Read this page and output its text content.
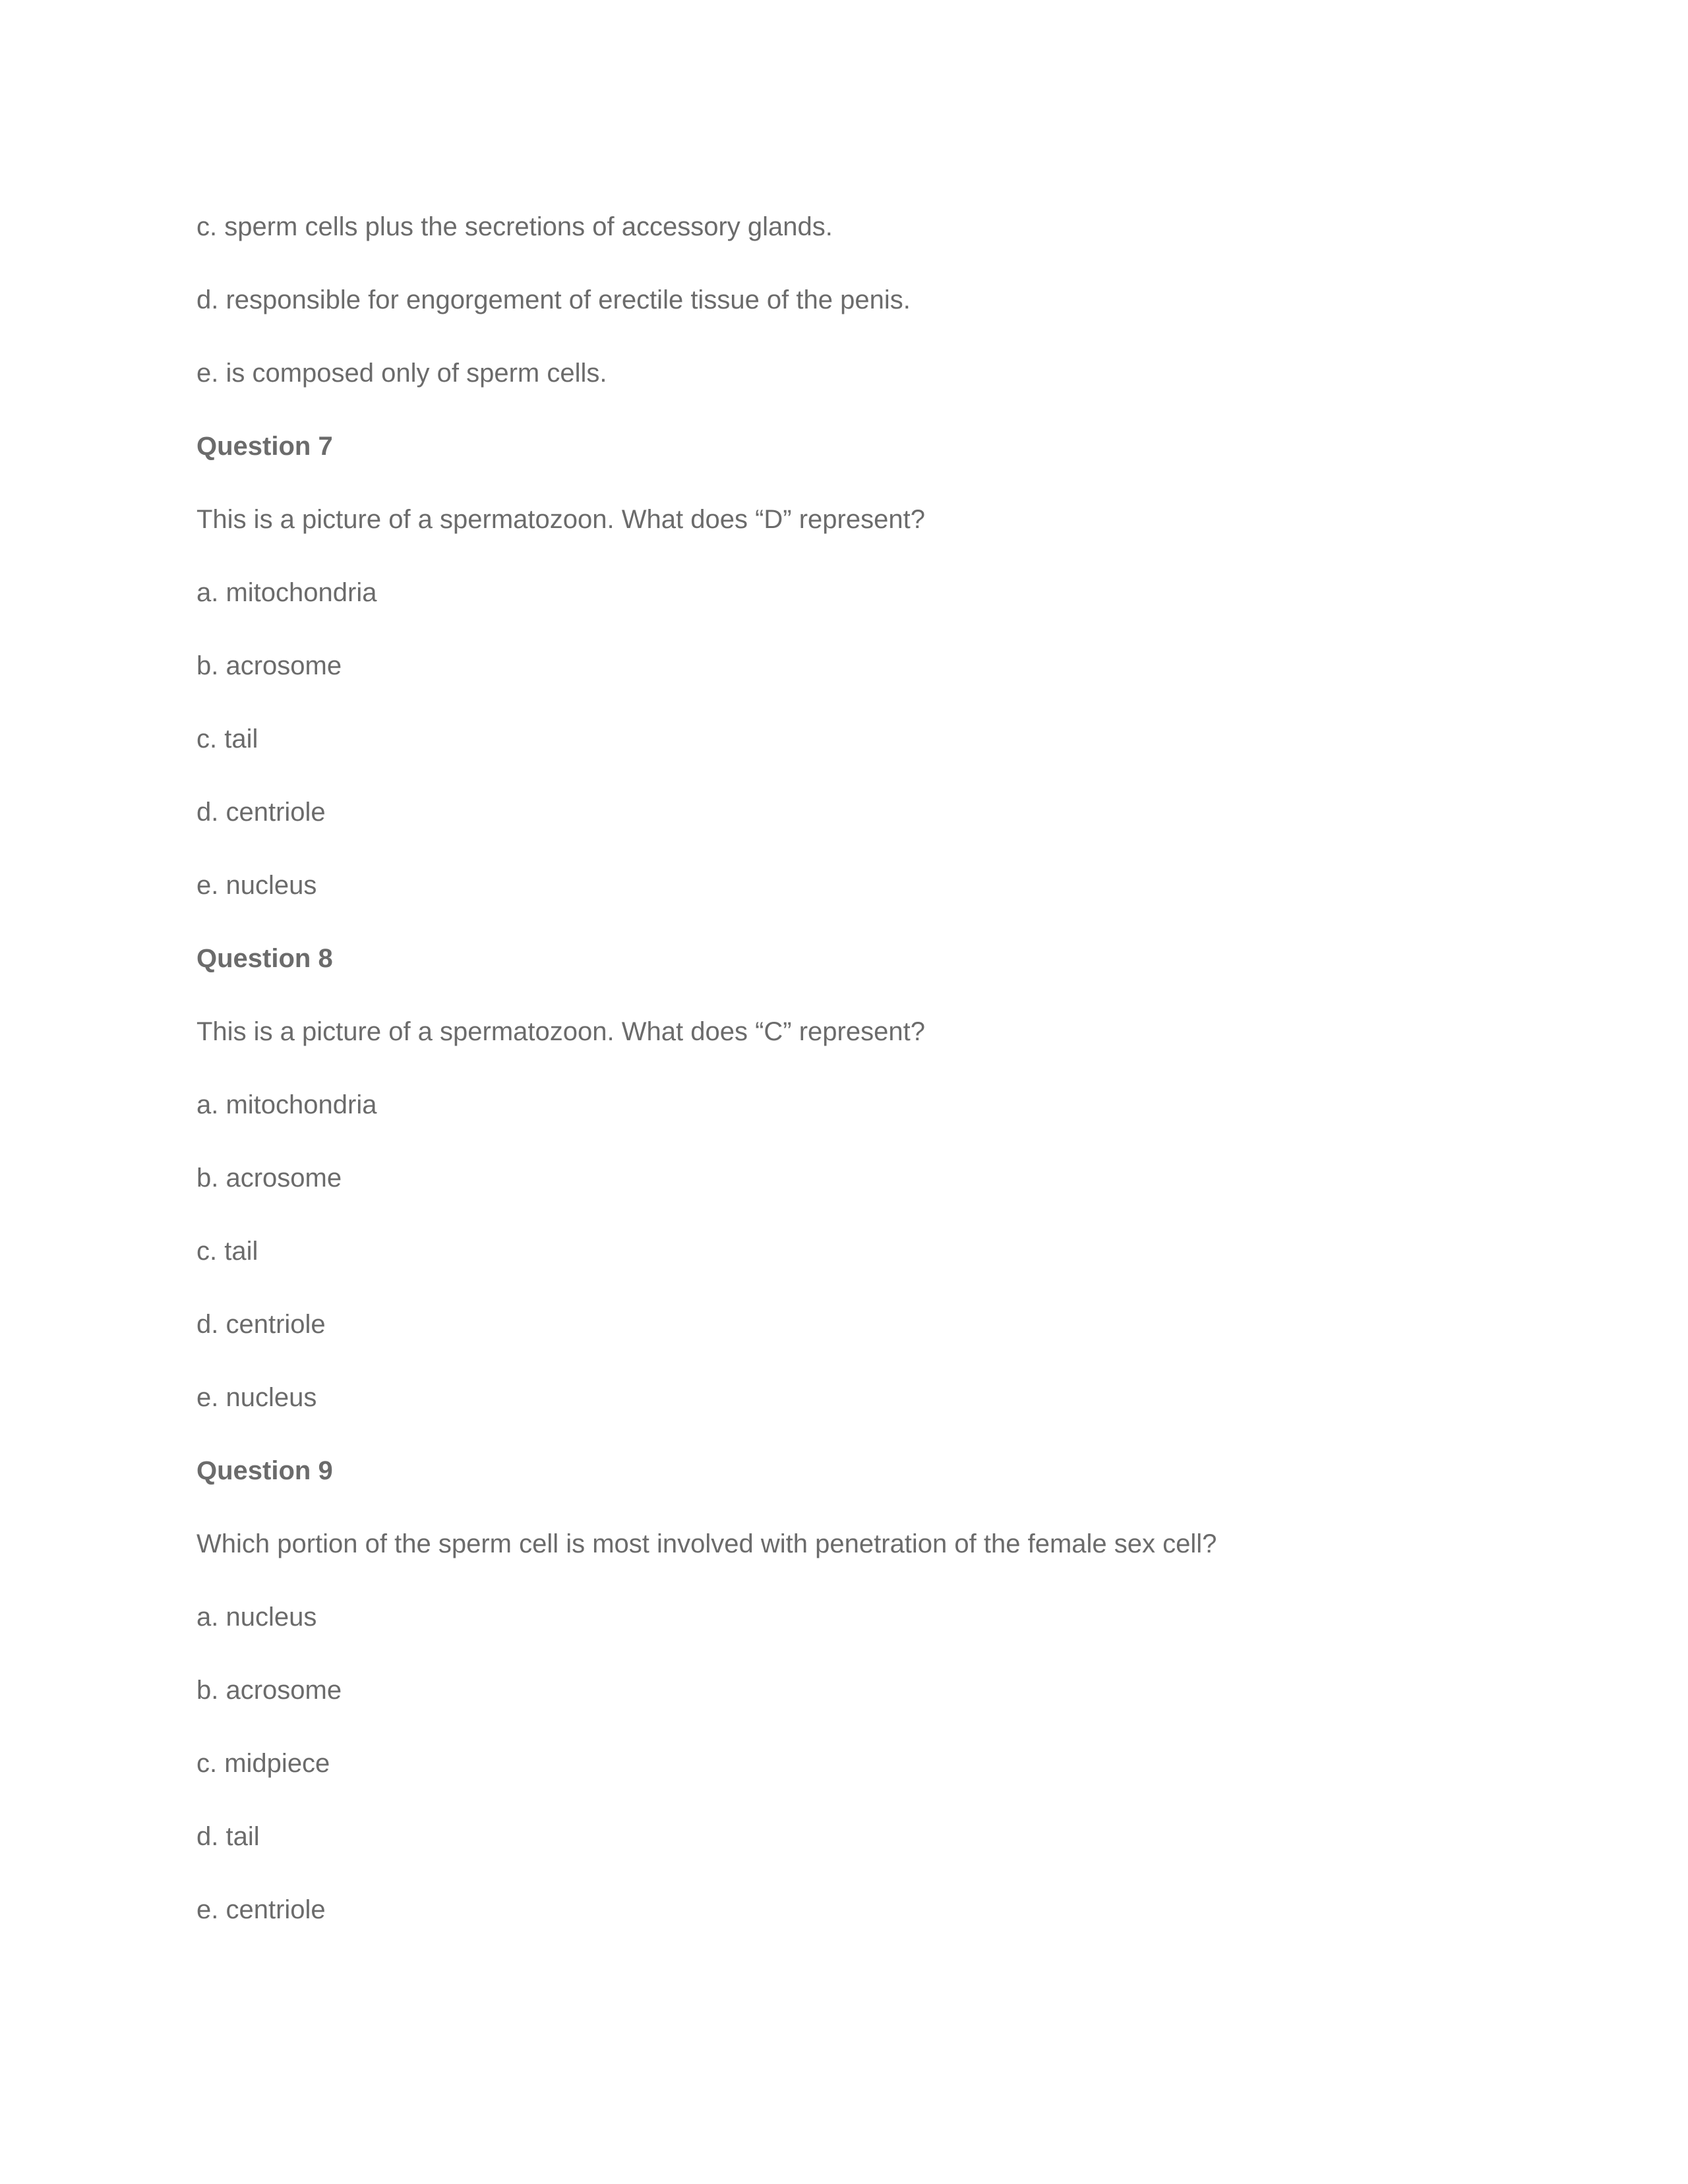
c. sperm cells plus the secretions of accessory glands.
d. responsible for engorgement of erectile tissue of the penis.
e. is composed only of sperm cells.
Question 7
This is a picture of a spermatozoon. What does “D” represent?
a. mitochondria
b. acrosome
c. tail
d. centriole
e. nucleus
Question 8
This is a picture of a spermatozoon. What does “C” represent?
a. mitochondria
b. acrosome
c. tail
d. centriole
e. nucleus
Question 9
Which portion of the sperm cell is most involved with penetration of the female sex cell?
a. nucleus
b. acrosome
c. midpiece
d. tail
e. centriole
